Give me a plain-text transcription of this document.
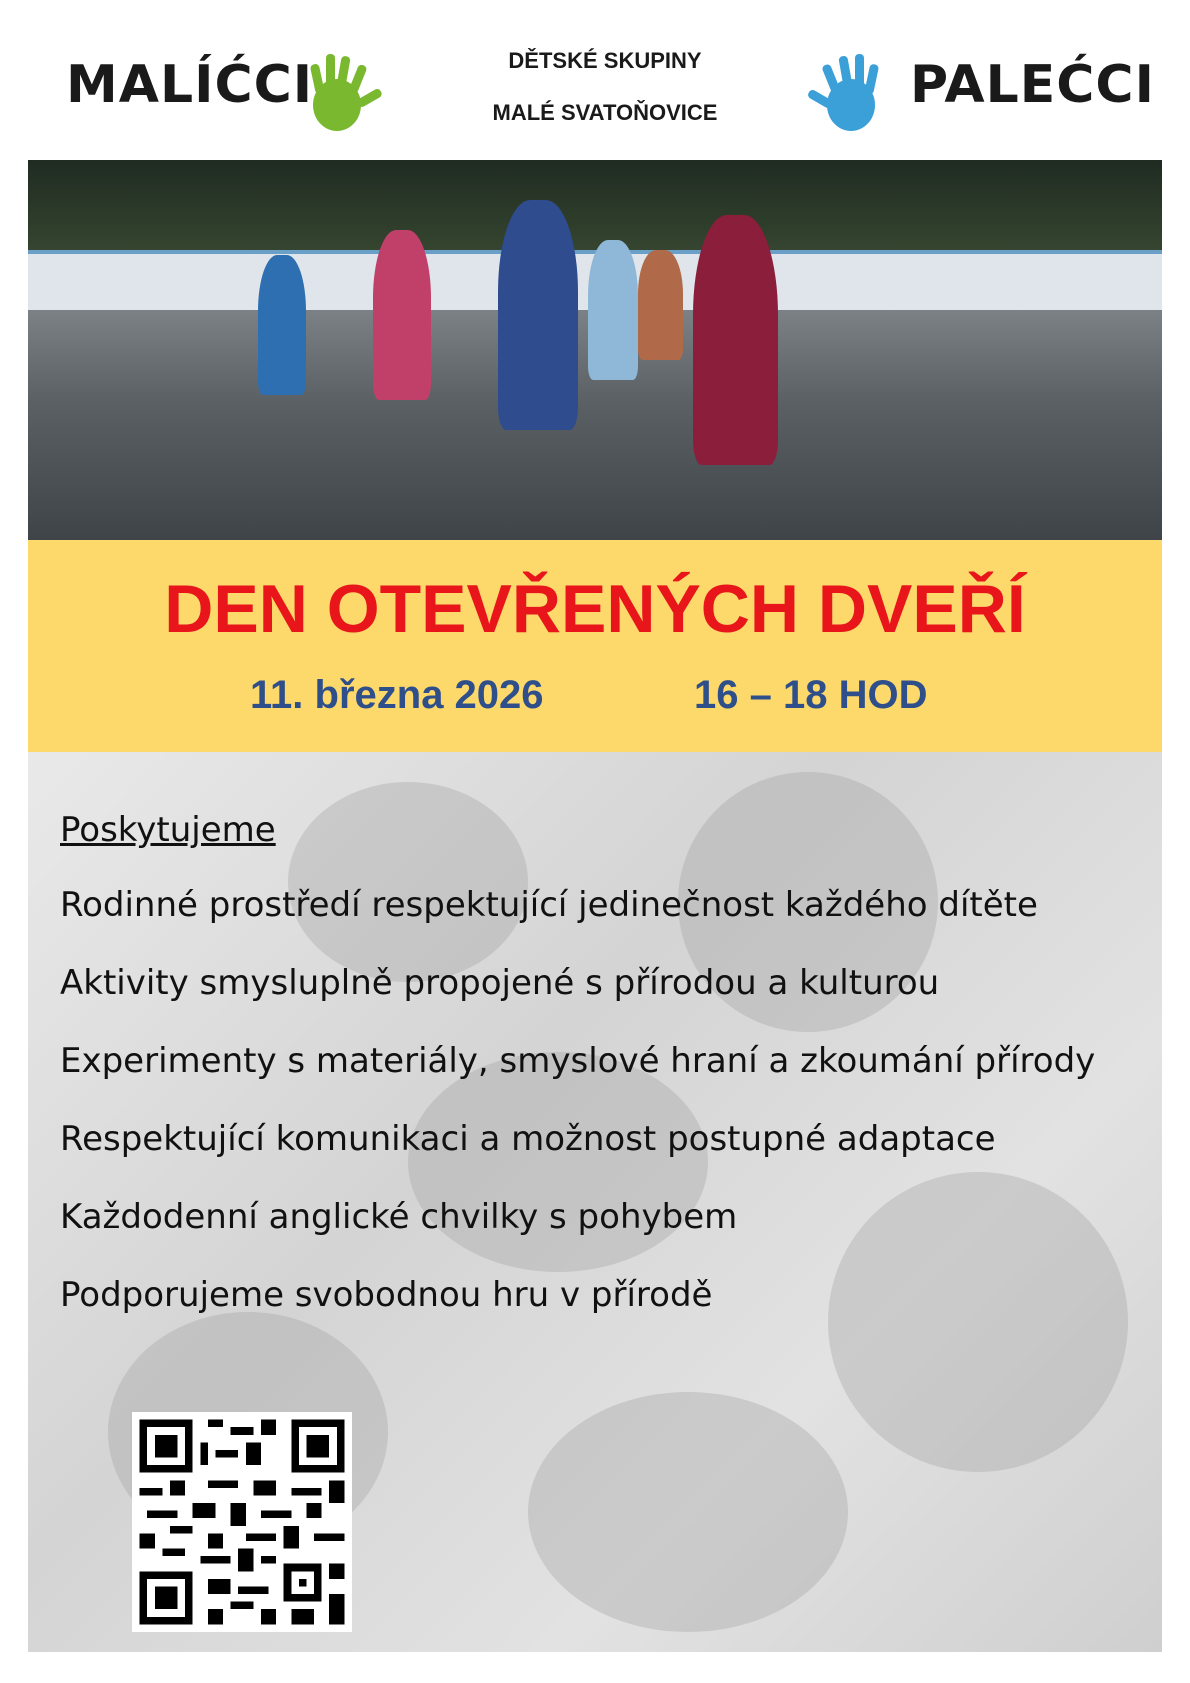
MALÍĆCI	DĚTSKÉ SKUPINY
MALÉ SVATOŇOVICE	PALEĆCI
DEN OTEVŘENÝCH DVEŘÍ
11. března 2026	16 – 18 HOD
Poskytujeme
Rodinné prostředí respektující jedinečnost každého dítěte
Aktivity smysluplně propojené s přírodou a kulturou
Experimenty s materiály, smyslové hraní a zkoumání přírody
Respektující komunikaci a možnost postupné adaptace
Každodenní anglické chvilky s pohybem
Podporujeme svobodnou hru v přírodě
